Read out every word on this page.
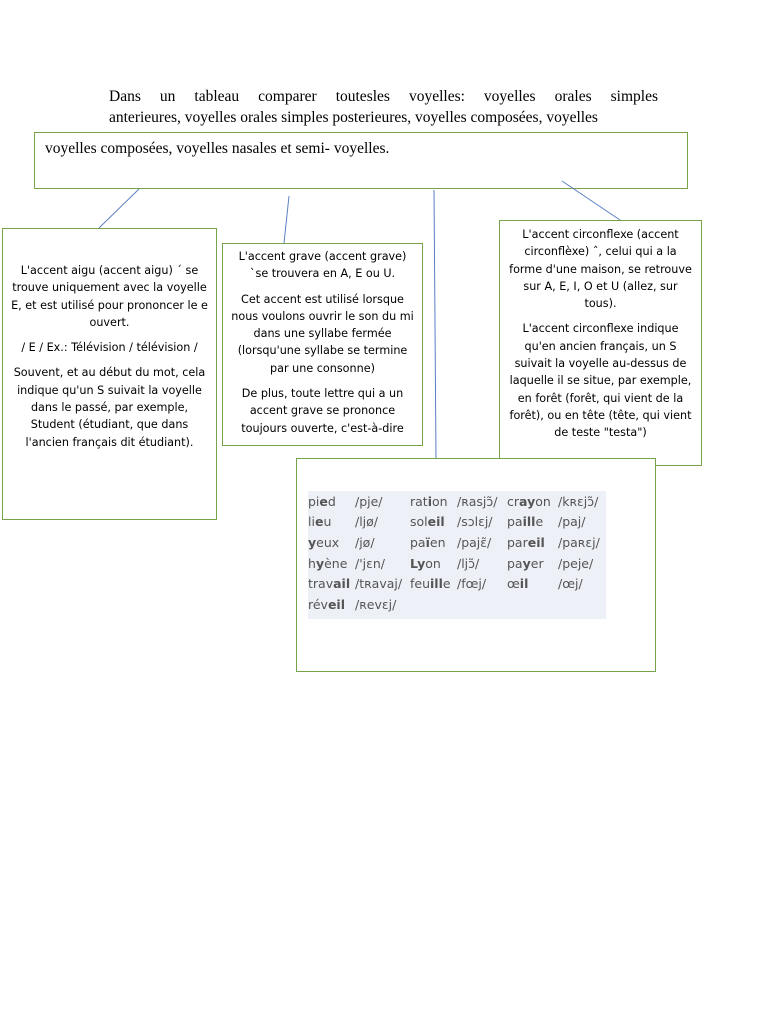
Dans un tableau comparer toutesles voyelles: voyelles orales simples
anterieures, voyelles orales simples posterieures, voyelles composées, voyelles

voyelles composées, voyelles nasales et semi- voyelles.

L'accent aigu (accent aigu) ´ se trouve uniquement avec la voyelle E, et est utilisé pour prononcer le e ouvert.

/ E / Ex.: Télévision / télévision /

Souvent, et au début du mot, cela indique qu'un S suivait la voyelle dans le passé, par exemple, Student (étudiant, que dans l'ancien français dit étudiant).

L'accent grave (accent grave) `se trouvera en A, E ou U.

Cet accent est utilisé lorsque nous voulons ouvrir le son du mi dans une syllabe fermée (lorsqu'une syllabe se termine par une consonne)

De plus, toute lettre qui a un accent grave se prononce toujours ouverte, c'est-à-dire

L'accent circonflexe (accent circonflèxe) ˆ, celui qui a la forme d'une maison, se retrouve sur A, E, I, O et U (allez, sur tous).

L'accent circonflexe indique qu'en ancien français, un S suivait la voyelle au-dessus de laquelle il se situe, par exemple, en forêt (forêt, qui vient de la forêt), ou en tête (tête, qui vient de teste "testa")

pied	/pje/	ration /ʀasjɔ̃/ crayon /kʀɛjɔ̃/
lieu	/ljø/	soleil /sɔlɛj/	paille	/paj/
yeux	/jø/	païen /pajɛ̃/	pareil	/paʀɛj/
hyène /'jɛn/	Lyon	/ljɔ̃/	payer	/peje/
travail /tʀavaj/ feuille /fœj/	œil	/œj/
réveil /ʀevɛj/
